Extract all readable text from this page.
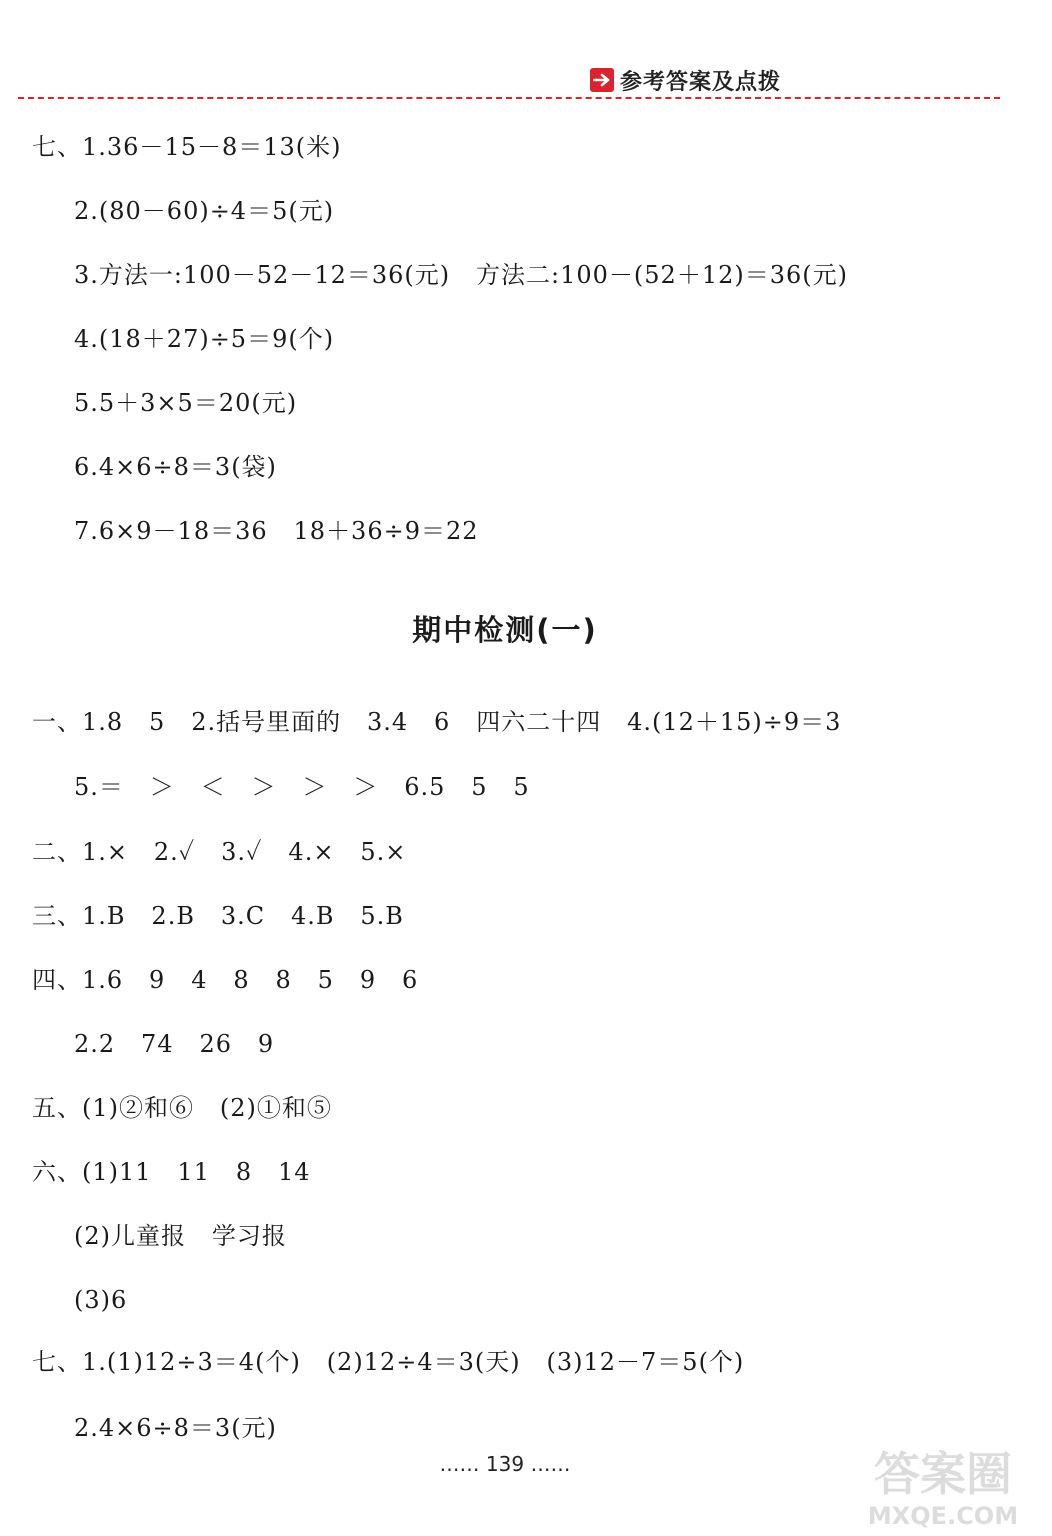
参考答案及点拨
七、1.36－15－8＝13(米)
2.(80－60)÷4＝5(元)
3.方法一:100－52－12＝36(元)   方法二:100－(52＋12)＝36(元)
4.(18＋27)÷5＝9(个)
5.5＋3×5＝20(元)
6.4×6÷8＝3(袋)
7.6×9－18＝36   18＋36÷9＝22
期中检测(一)
一、1.8   5   2.括号里面的   3.4   6   四六二十四   4.(12＋15)÷9＝3
5.＝   ＞   ＜   ＞   ＞   ＞   6.5   5   5
二、1.×   2.✓   3.✓   4.×   5.×
三、1.B   2.B   3.C   4.B   5.B
四、1.6   9   4   8   8   5   9   6
2.2   74   26   9
五、(1)②和⑥   (2)①和⑤
六、(1)11   11   8   14
(2)儿童报   学习报
(3)6
七、1.(1)12÷3＝4(个)   (2)12÷4＝3(天)   (3)12－7＝5(个)
2.4×6÷8＝3(元)
…… 139 ……	答案圈
MXQE.COM
